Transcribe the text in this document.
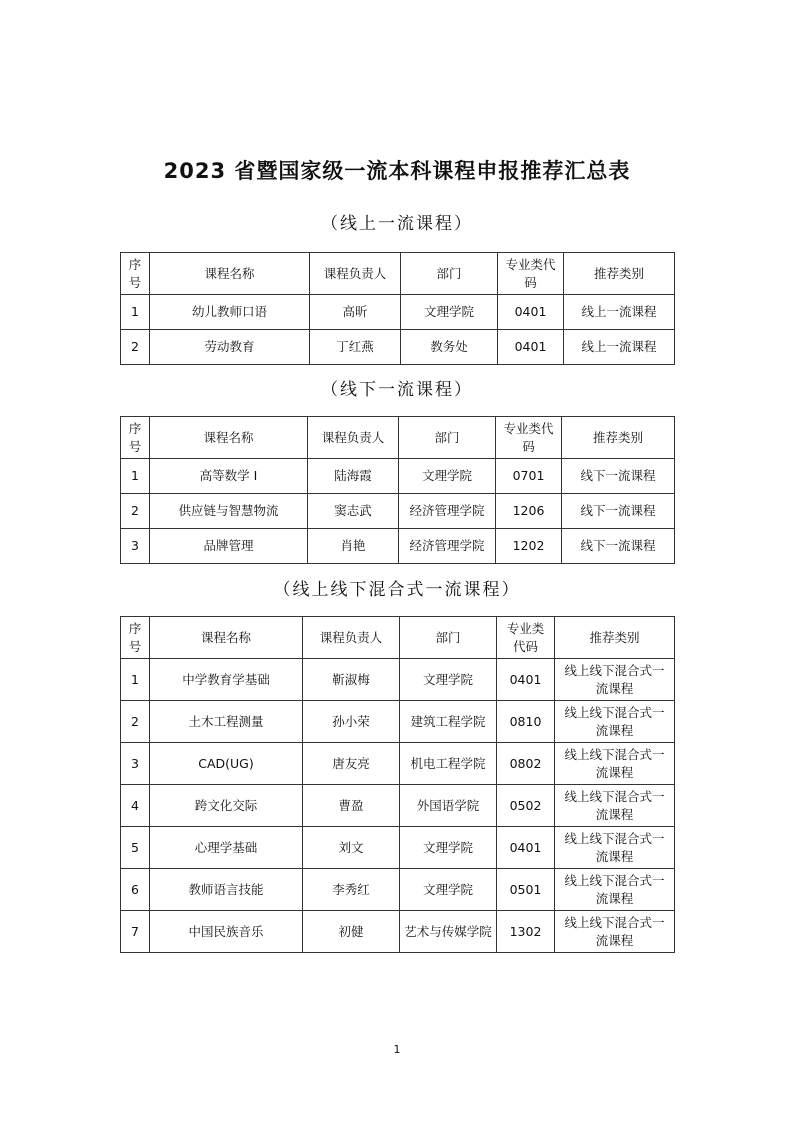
2023 省暨国家级一流本科课程申报推荐汇总表
（线上一流课程）
序号	课程名称	课程负责人	部门	专业类代码	推荐类别
1	幼儿教师口语	高昕	文理学院	0401	线上一流课程
2	劳动教育	丁红燕	教务处	0401	线上一流课程
（线下一流课程）
序号	课程名称	课程负责人	部门	专业类代码	推荐类别
1	高等数学 I	陆海霞	文理学院	0701	线下一流课程
2	供应链与智慧物流	窦志武	经济管理学院	1206	线下一流课程
3	品牌管理	肖艳	经济管理学院	1202	线下一流课程
（线上线下混合式一流课程）
序号	课程名称	课程负责人	部门	专业类代码	推荐类别
1	中学教育学基础	靳淑梅	文理学院	0401	线上线下混合式一流课程
2	土木工程测量	孙小荣	建筑工程学院	0810	线上线下混合式一流课程
3	CAD(UG)	唐友亮	机电工程学院	0802	线上线下混合式一流课程
4	跨文化交际	曹盈	外国语学院	0502	线上线下混合式一流课程
5	心理学基础	刘文	文理学院	0401	线上线下混合式一流课程
6	教师语言技能	李秀红	文理学院	0501	线上线下混合式一流课程
7	中国民族音乐	初健	艺术与传媒学院	1302	线上线下混合式一流课程
1
